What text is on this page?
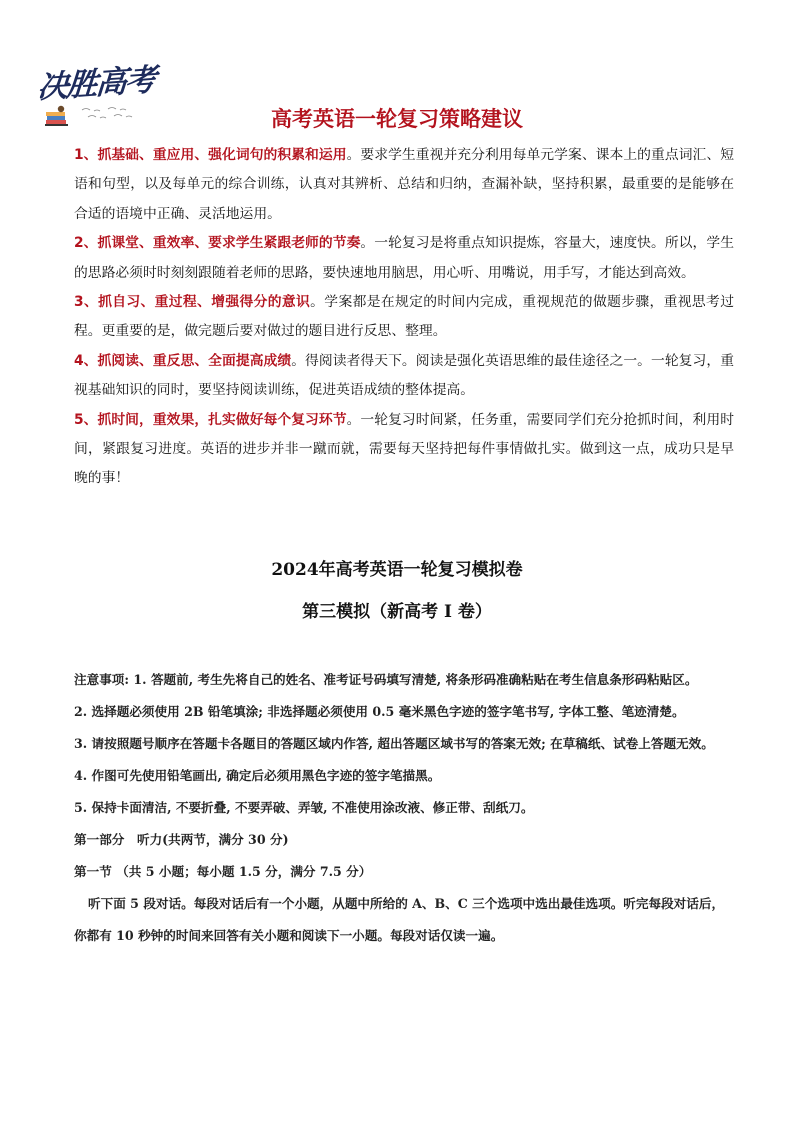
决胜高考
高考英语一轮复习策略建议

1、抓基础、重应用、强化词句的积累和运用。要求学生重视并充分利用每单元学案、课本上的重点词汇、短语和句型，以及每单元的综合训练，认真对其辨析、总结和归纳，查漏补缺，坚持积累，最重要的是能够在合适的语境中正确、灵活地运用。

2、抓课堂、重效率、要求学生紧跟老师的节奏。一轮复习是将重点知识提炼，容量大，速度快。所以，学生的思路必须时时刻刻跟随着老师的思路，要快速地用脑思，用心听、用嘴说，用手写，才能达到高效。

3、抓自习、重过程、增强得分的意识。学案都是在规定的时间内完成，重视规范的做题步骤，重视思考过程。更重要的是，做完题后要对做过的题目进行反思、整理。

4、抓阅读、重反思、全面提高成绩。得阅读者得天下。阅读是强化英语思维的最佳途径之一。一轮复习，重视基础知识的同时，要坚持阅读训练，促进英语成绩的整体提高。

5、抓时间，重效果，扎实做好每个复习环节。一轮复习时间紧，任务重，需要同学们充分抢抓时间，利用时间，紧跟复习进度。英语的进步并非一蹴而就，需要每天坚持把每件事情做扎实。做到这一点，成功只是早晚的事！

2024年高考英语一轮复习模拟卷
第三模拟（新高考 I 卷）

注意事项: 1. 答题前, 考生先将自己的姓名、准考证号码填写清楚, 将条形码准确粘贴在考生信息条形码粘贴区。

2. 选择题必须使用 2B 铅笔填涂; 非选择题必须使用 0.5 毫米黑色字迹的签字笔书写, 字体工整、笔迹清楚。

3. 请按照题号顺序在答题卡各题目的答题区域内作答, 超出答题区域书写的答案无效; 在草稿纸、试卷上答题无效。

4. 作图可先使用铅笔画出, 确定后必须用黑色字迹的签字笔描黑。

5. 保持卡面清洁, 不要折叠, 不要弄破、弄皱, 不准使用涂改液、修正带、刮纸刀。

第一部分　听力(共两节，满分 30 分)

第一节 （共 5 小题；每小题 1.5 分，满分 7.5 分）

听下面 5 段对话。每段对话后有一个小题，从题中所给的 A、B、C 三个选项中选出最佳选项。听完每段对话后，你都有 10 秒钟的时间来回答有关小题和阅读下一小题。每段对话仅读一遍。
